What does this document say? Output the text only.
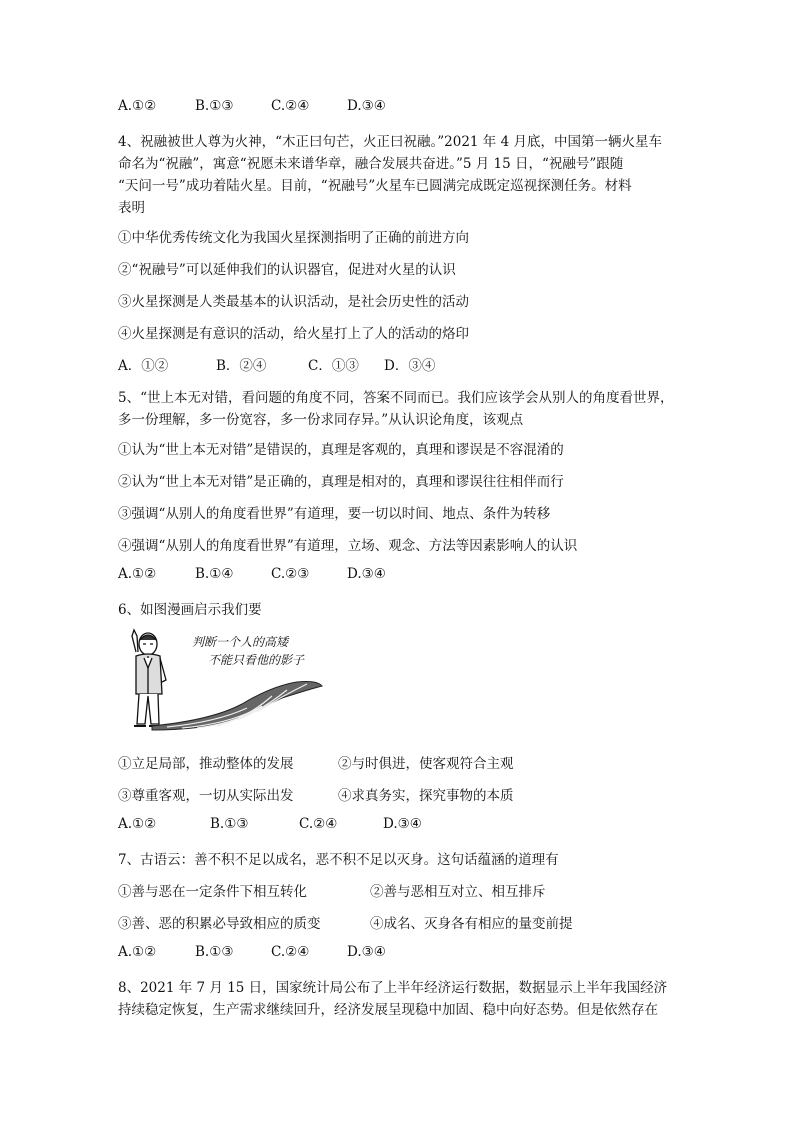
A.①②	B.①③	C.②④	D.③④
4、祝融被世人尊为火神，“木正曰句芒，火正曰祝融。”2021 年 4 月底，中国第一辆火星车
命名为“祝融”，寓意“祝愿未来谱华章，融合发展共奋进。”5 月 15 日，“祝融号”跟随
“天问一号”成功着陆火星。目前，“祝融号”火星车已圆满完成既定巡视探测任务。材料
表明
①中华优秀传统文化为我国火星探测指明了正确的前进方向
②“祝融号”可以延伸我们的认识器官，促进对火星的认识
③火星探测是人类最基本的认识活动，是社会历史性的活动
④火星探测是有意识的活动，给火星打上了人的活动的烙印
A．①②	B．②④	C．①③ D．③④
5、“世上本无对错，看问题的角度不同，答案不同而已。我们应该学会从别人的角度看世界，
多一份理解，多一份宽容，多一份求同存异。”从认识论角度，该观点
①认为“世上本无对错”是错误的，真理是客观的，真理和谬误是不容混淆的
②认为“世上本无对错”是正确的，真理是相对的，真理和谬误往往相伴而行
③强调“从别人的角度看世界”有道理，要一切以时间、地点、条件为转移
④强调“从别人的角度看世界”有道理，立场、观念、方法等因素影响人的认识
A.①②	B.①④	C.②③	D.③④
6、如图漫画启示我们要
判断一个人的高矮
不能只看他的影子
①立足局部，推动整体的发展	②与时俱进，使客观符合主观
③尊重客观，一切从实际出发	④求真务实，探究事物的本质
A.①②	B.①③	C.②④	D.③④
7、古语云：善不积不足以成名，恶不积不足以灭身。这句话蕴涵的道理有
①善与恶在一定条件下相互转化	②善与恶相互对立、相互排斥
③善、恶的积累必导致相应的质变	④成名、灭身各有相应的量变前提
A.①②	B.①③	C.②④	D.③④
8、2021 年 7 月 15 日，国家统计局公布了上半年经济运行数据，数据显示上半年我国经济
持续稳定恢复，生产需求继续回升，经济发展呈现稳中加固、稳中向好态势。但是依然存在
